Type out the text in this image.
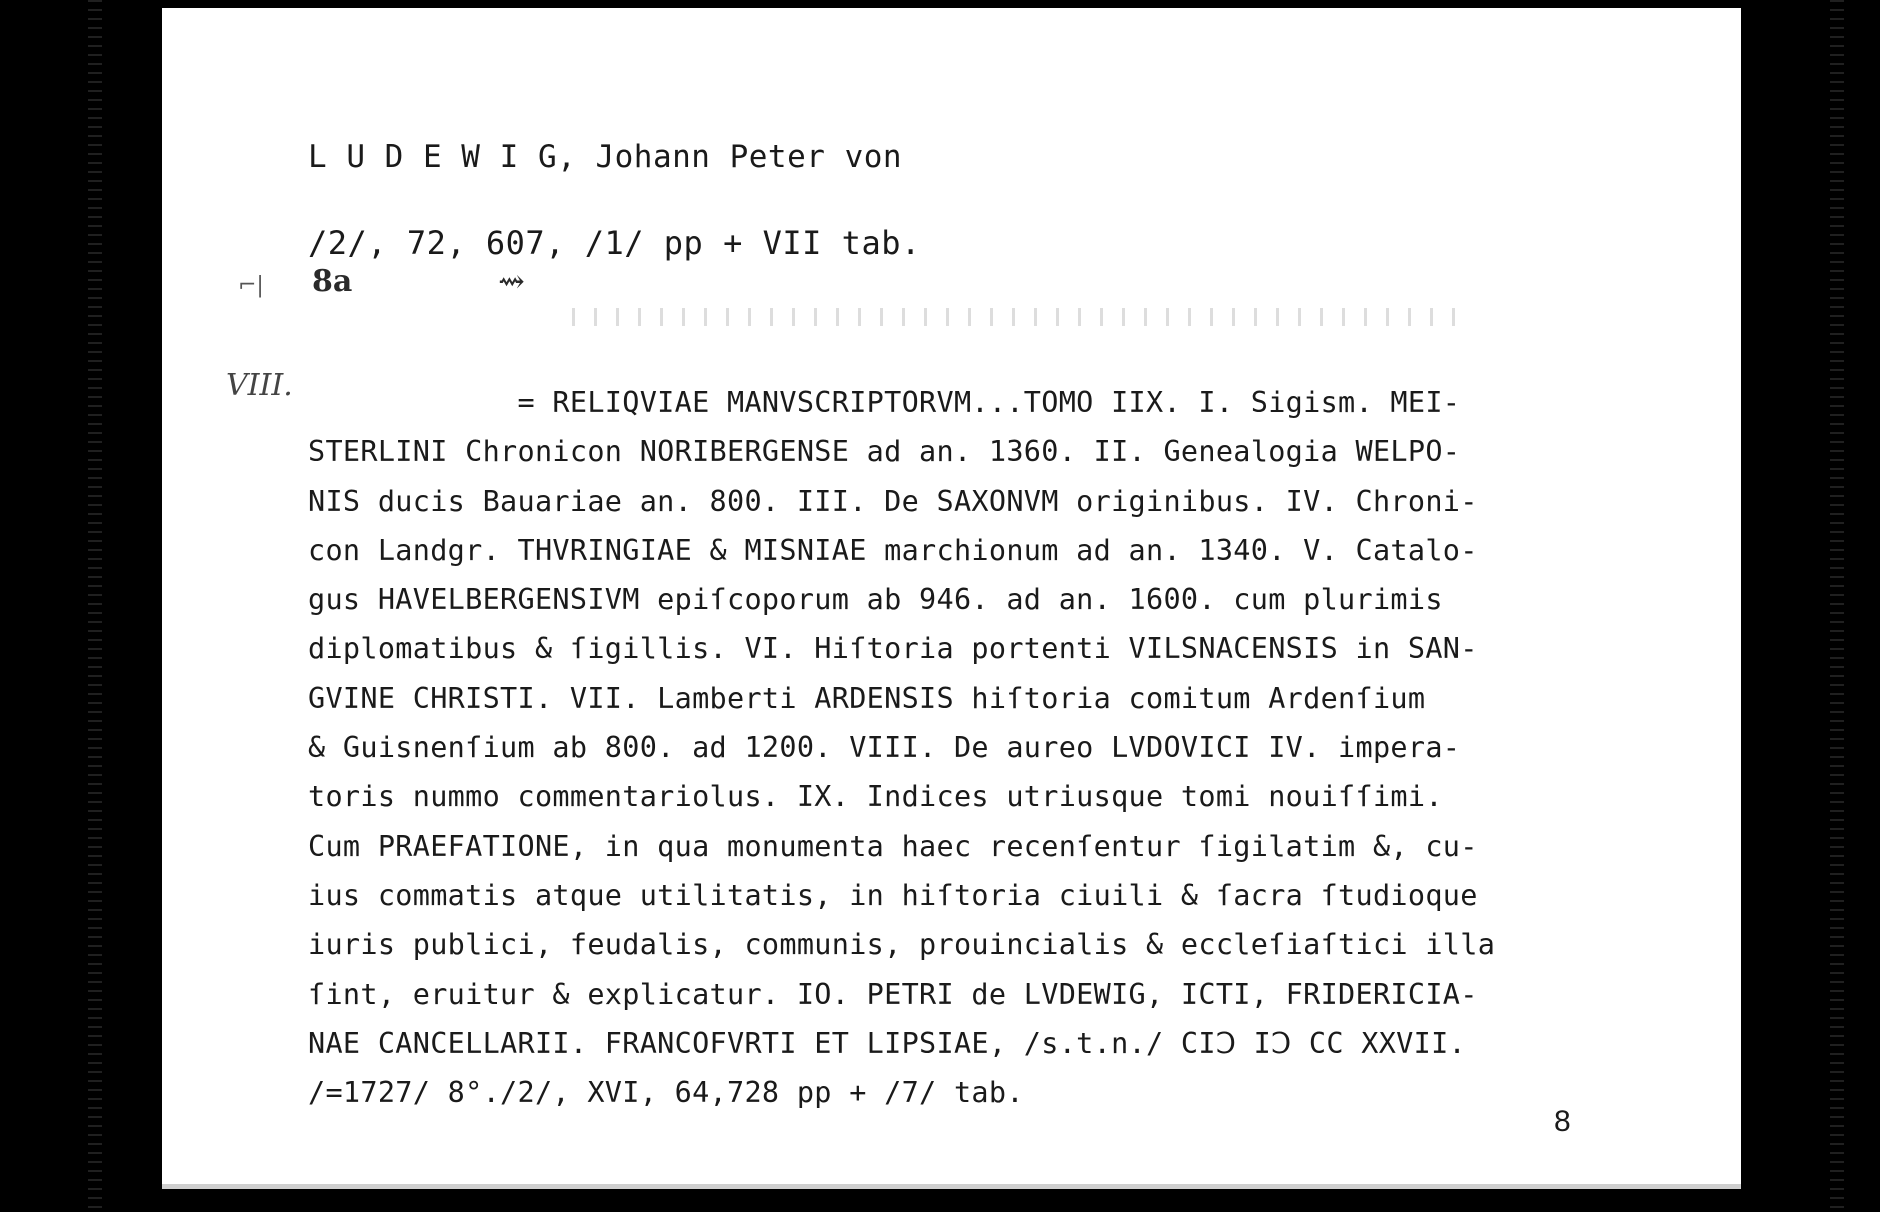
L U D E W I G, Johann Peter von

/2/, 72, 607, /1/ pp + VII tab.

⌐| 8a	⇝

VIII. = RELIQVIAE MANVSCRIPTORVM...TOMO IIX. I. Sigism. MEI-
STERLINI Chronicon NORIBERGENSE ad an. 1360. II. Genealogia WELPO-
NIS ducis Bauariae an. 800. III. De SAXONVM originibus. IV. Chroni-
con Landgr. THVRINGIAE & MISNIAE marchionum ad an. 1340. V. Catalo-
gus HAVELBERGENSIVM epiſcoporum ab 946. ad an. 1600. cum plurimis
diplomatibus & ſigillis. VI. Hiſtoria portenti VILSNACENSIS in SAN-
GVINE CHRISTI. VII. Lamberti ARDENSIS hiſtoria comitum Ardenſium
& Guisnenſium ab 800. ad 1200. VIII. De aureo LVDOVICI IV. impera-
toris nummo commentariolus. IX. Indices utriusque tomi nouiſſimi.
Cum PRAEFATIONE, in qua monumenta haec recenſentur ſigilatim &, cu-
ius commatis atque utilitatis, in hiſtoria ciuili & ſacra ſtudioque
iuris publici, feudalis, communis, prouincialis & eccleſiaſtici illa
ſint, eruitur & explicatur. IO. PETRI de LVDEWIG, ICTI, FRIDERICIA-
NAE CANCELLARII. FRANCOFVRTI ET LIPSIAE, /s.t.n./ CIↃ IↃ CC XXVII.
/=1727/ 8°./2/, XVI, 64,728 pp + /7/ tab.

8
